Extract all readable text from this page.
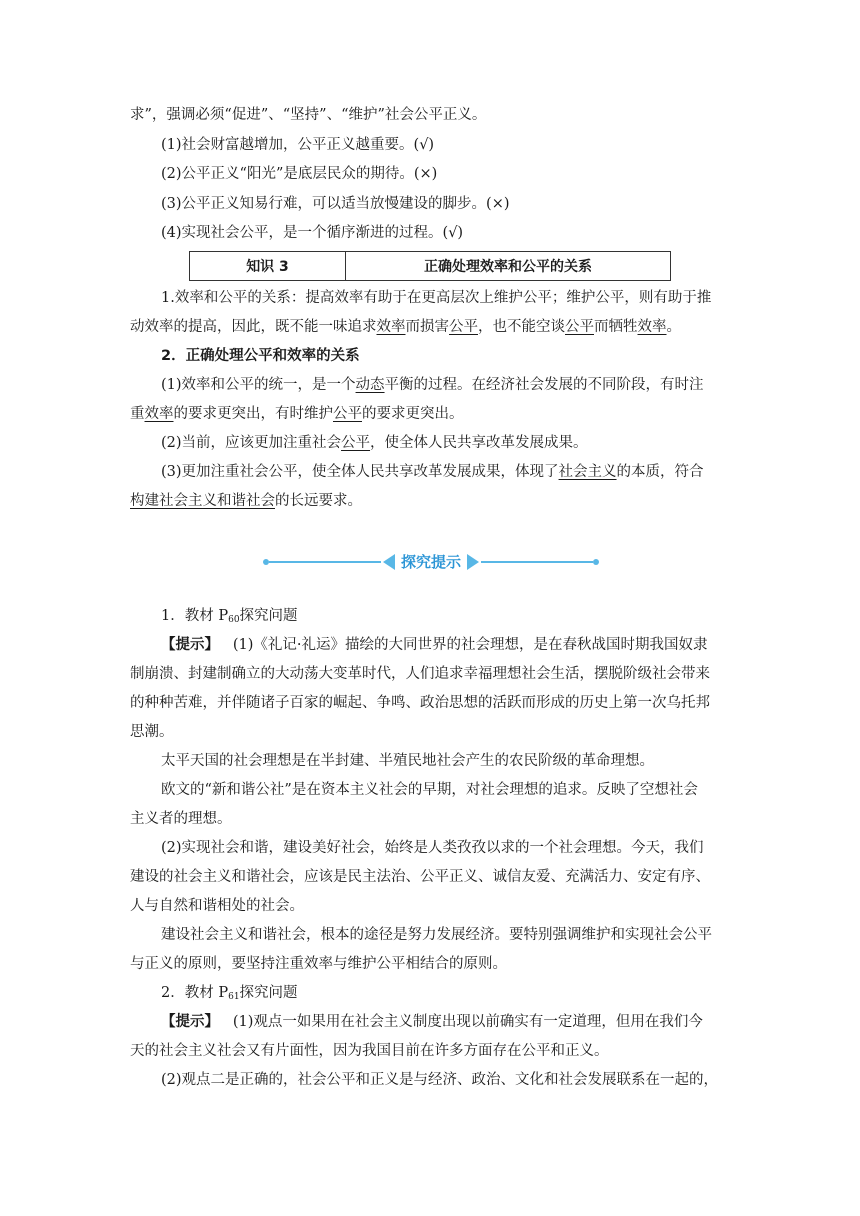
求”，强调必须“促进”、“坚持”、“维护”社会公平正义。
(1)社会财富越增加，公平正义越重要。(√)
(2)公平正义“阳光”是底层民众的期待。(×)
(3)公平正义知易行难，可以适当放慢建设的脚步。(×)
(4)实现社会公平，是一个循序渐进的过程。(√)
知识 3	正确处理效率和公平的关系
1.效率和公平的关系：提高效率有助于在更高层次上维护公平；维护公平，则有助于推
动效率的提高，因此，既不能一味追求效率而损害公平，也不能空谈公平而牺牲效率。
2．正确处理公平和效率的关系
(1)效率和公平的统一，是一个动态平衡的过程。在经济社会发展的不同阶段，有时注
重效率的要求更突出，有时维护公平的要求更突出。
(2)当前，应该更加注重社会公平，使全体人民共享改革发展成果。
(3)更加注重社会公平，使全体人民共享改革发展成果，体现了社会主义的本质，符合
构建社会主义和谐社会的长远要求。
探究提示
1．教材 $P_{60}$探究问题
【提示】 (1)《礼记·礼运》描绘的大同世界的社会理想，是在春秋战国时期我国奴隶
制崩溃、封建制确立的大动荡大变革时代，人们追求幸福理想社会生活，摆脱阶级社会带来
的种种苦难，并伴随诸子百家的崛起、争鸣、政治思想的活跃而形成的历史上第一次乌托邦
思潮。
太平天国的社会理想是在半封建、半殖民地社会产生的农民阶级的革命理想。
欧文的“新和谐公社”是在资本主义社会的早期，对社会理想的追求。反映了空想社会
主义者的理想。
(2)实现社会和谐，建设美好社会，始终是人类孜孜以求的一个社会理想。今天，我们
建设的社会主义和谐社会，应该是民主法治、公平正义、诚信友爱、充满活力、安定有序、
人与自然和谐相处的社会。
建设社会主义和谐社会，根本的途径是努力发展经济。要特别强调维护和实现社会公平
与正义的原则，要坚持注重效率与维护公平相结合的原则。
2．教材 $P_{61}$探究问题
【提示】 (1)观点一如果用在社会主义制度出现以前确实有一定道理，但用在我们今
天的社会主义社会又有片面性，因为我国目前在许多方面存在公平和正义。
(2)观点二是正确的，社会公平和正义是与经济、政治、文化和社会发展联系在一起的，
